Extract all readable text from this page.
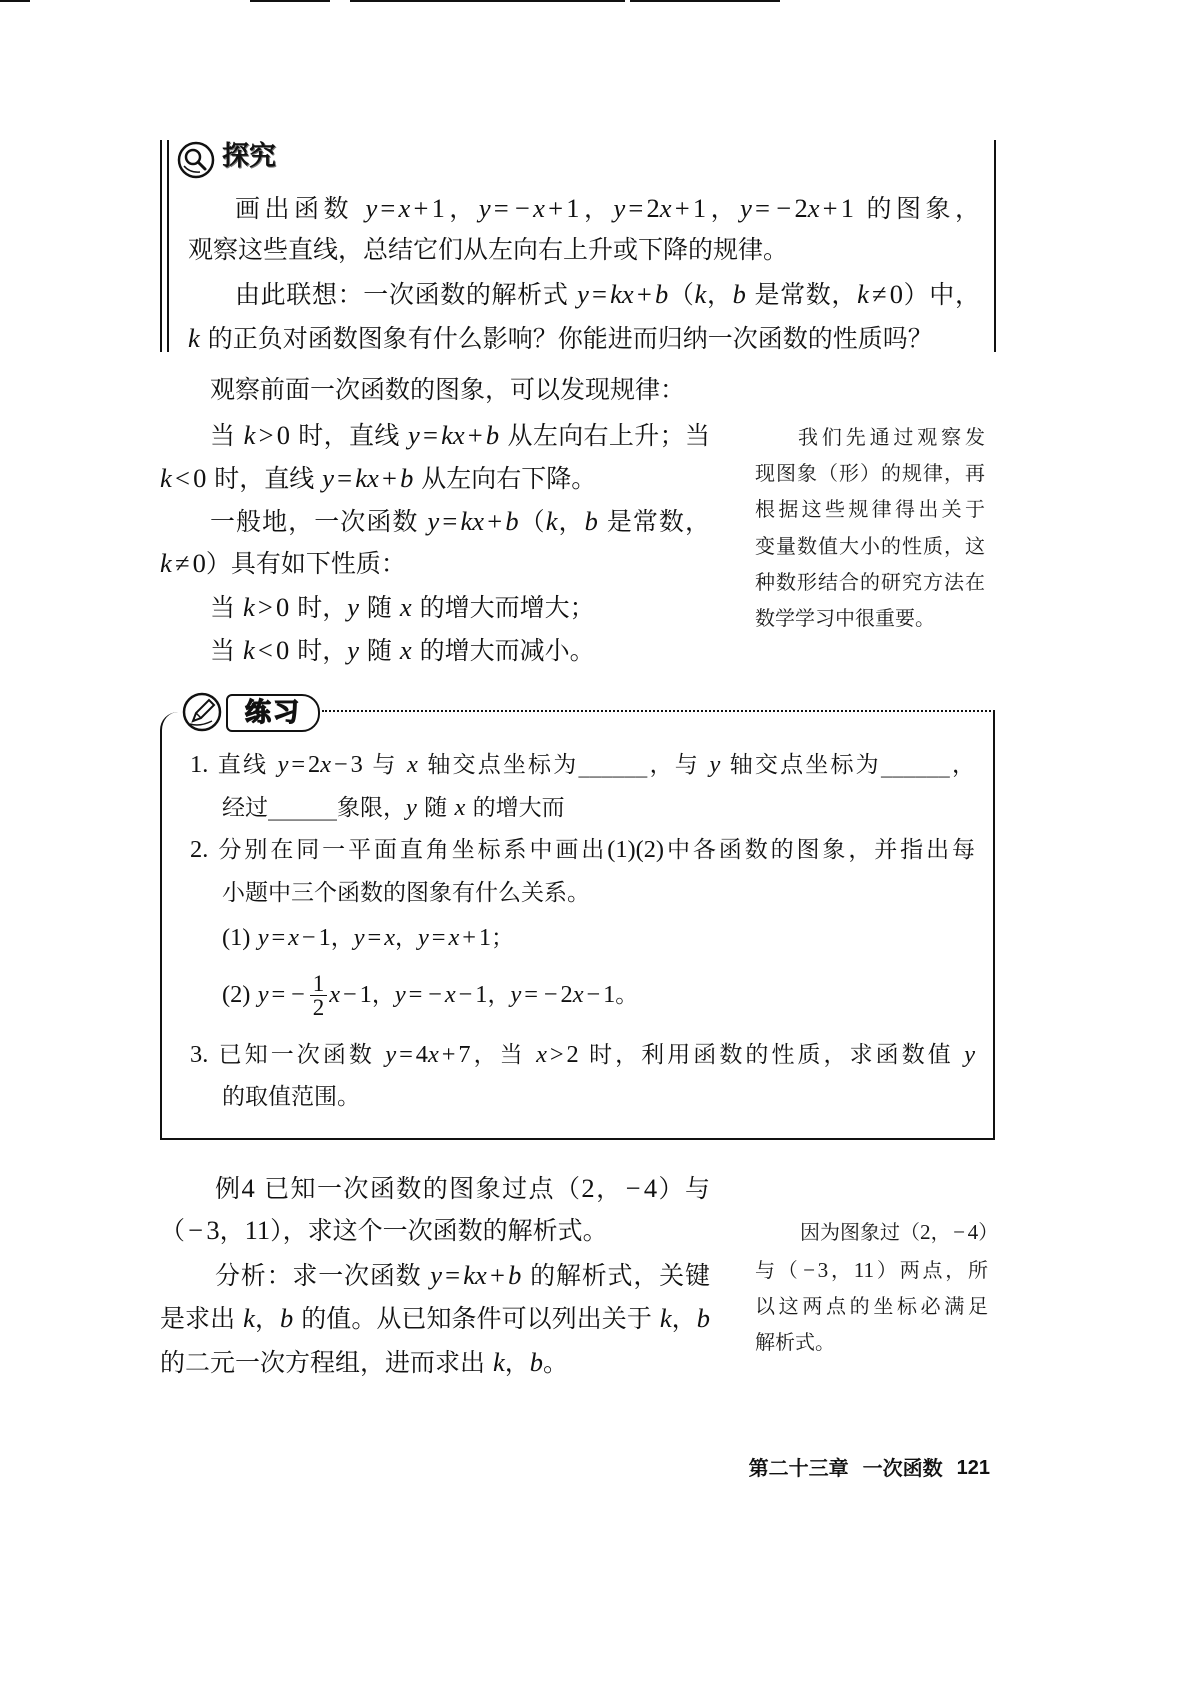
探究
画出函数 y = x + 1，y = − x + 1，y = 2x + 1，y = − 2x + 1 的图象，
观察这些直线，总结它们从左向右上升或下降的规律。
由此联想：一次函数的解析式 y = kx + b（k，b 是常数，k ≠ 0）中，
k 的正负对函数图象有什么影响？你能进而归纳一次函数的性质吗？
观察前面一次函数的图象，可以发现规律：
当 k > 0 时，直线 y = kx + b 从左向右上升；当
k < 0 时，直线 y = kx + b 从左向右下降。
一般地，一次函数 y = kx + b（k，b 是常数，
k ≠ 0）具有如下性质：
当 k > 0 时，y 随 x 的增大而增大；
当 k < 0 时，y 随 x 的增大而减小。
我们先通过观察发
现图象（形）的规律，再
根据这些规律得出关于
变量数值大小的性质，这
种数形结合的研究方法在
数学学习中很重要。
练习
1. 直线 y = 2x − 3 与 x 轴交点坐标为______，与 y 轴交点坐标为______，
经过______象限，y 随 x 的增大而
2. 分别在同一平面直角坐标系中画出(1)(2)中各函数的图象，并指出每
小题中三个函数的图象有什么关系。
(1) y = x − 1，y = x，y = x + 1；
(2) y = − $\frac{1}{2}$ x − 1，y = − x − 1，y = − 2x − 1。
3. 已知一次函数 y = 4x + 7，当 x > 2 时，利用函数的性质，求函数值 y
的取值范围。
例4 已知一次函数的图象过点（2， − 4）与
（ − 3，11），求这个一次函数的解析式。
分析：求一次函数 y = kx + b 的解析式，关键
是求出 k，b 的值。从已知条件可以列出关于 k，b
的二元一次方程组，进而求出 k，b。
因为图象过（2， − 4）
与（ − 3，11）两点，所
以这两点的坐标必满足
解析式。
第二十三章 一次函数 121
